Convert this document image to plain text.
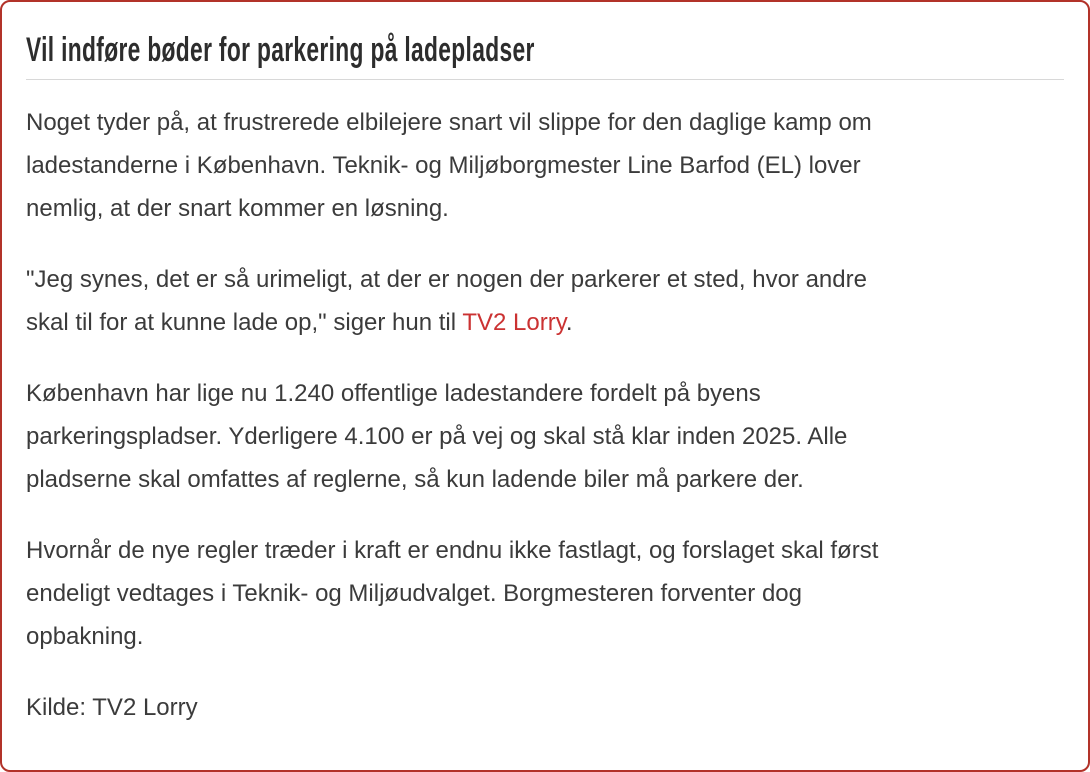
Vil indføre bøder for parkering på ladepladser

Noget tyder på, at frustrerede elbilejere snart vil slippe for den daglige kamp om
ladestanderne i København. Teknik- og Miljøborgmester Line Barfod (EL) lover
nemlig, at der snart kommer en løsning.

"Jeg synes, det er så urimeligt, at der er nogen der parkerer et sted, hvor andre
skal til for at kunne lade op," siger hun til TV2 Lorry.

København har lige nu 1.240 offentlige ladestandere fordelt på byens
parkeringspladser. Yderligere 4.100 er på vej og skal stå klar inden 2025. Alle
pladserne skal omfattes af reglerne, så kun ladende biler må parkere der.

Hvornår de nye regler træder i kraft er endnu ikke fastlagt, og forslaget skal først
endeligt vedtages i Teknik- og Miljøudvalget. Borgmesteren forventer dog
opbakning.

Kilde: TV2 Lorry
